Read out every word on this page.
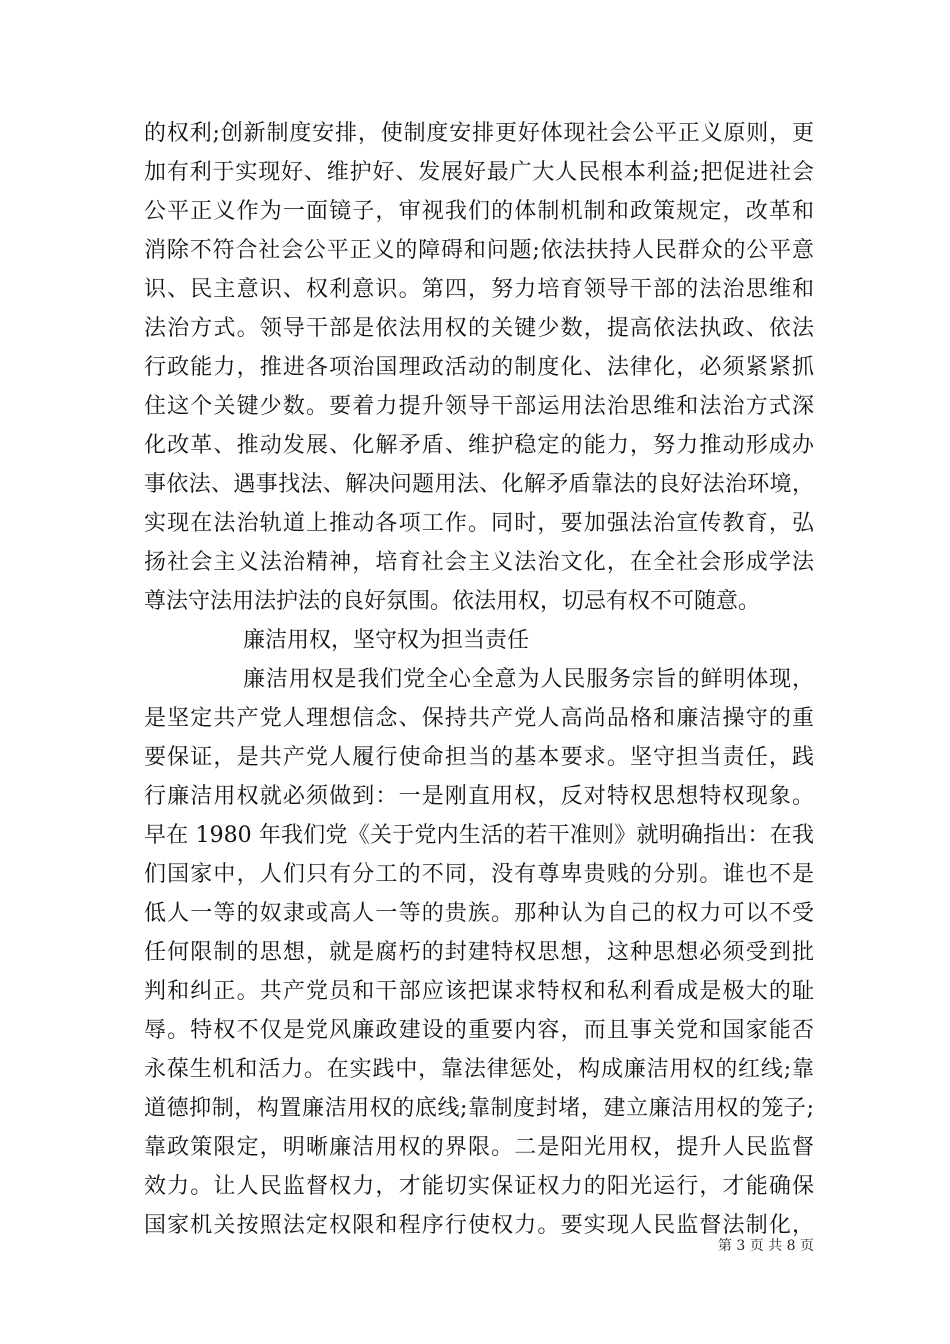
的权利;创新制度安排，使制度安排更好体现社会公平正义原则，更
加有利于实现好、维护好、发展好最广大人民根本利益;把促进社会
公平正义作为一面镜子，审视我们的体制机制和政策规定，改革和
消除不符合社会公平正义的障碍和问题;依法扶持人民群众的公平意
识、民主意识、权利意识。第四，努力培育领导干部的法治思维和
法治方式。领导干部是依法用权的关键少数，提高依法执政、依法
行政能力，推进各项治国理政活动的制度化、法律化，必须紧紧抓
住这个关键少数。要着力提升领导干部运用法治思维和法治方式深
化改革、推动发展、化解矛盾、维护稳定的能力，努力推动形成办
事依法、遇事找法、解决问题用法、化解矛盾靠法的良好法治环境，
实现在法治轨道上推动各项工作。同时，要加强法治宣传教育，弘
扬社会主义法治精神，培育社会主义法治文化，在全社会形成学法
尊法守法用法护法的良好氛围。依法用权，切忌有权不可随意。
廉洁用权，坚守权为担当责任
廉洁用权是我们党全心全意为人民服务宗旨的鲜明体现，
是坚定共产党人理想信念、保持共产党人高尚品格和廉洁操守的重
要保证，是共产党人履行使命担当的基本要求。坚守担当责任，践
行廉洁用权就必须做到：一是刚直用权，反对特权思想特权现象。
早在 1980 年我们党《关于党内生活的若干准则》就明确指出：在我
们国家中，人们只有分工的不同，没有尊卑贵贱的分别。谁也不是
低人一等的奴隶或高人一等的贵族。那种认为自己的权力可以不受
任何限制的思想，就是腐朽的封建特权思想，这种思想必须受到批
判和纠正。共产党员和干部应该把谋求特权和私利看成是极大的耻
辱。特权不仅是党风廉政建设的重要内容，而且事关党和国家能否
永葆生机和活力。在实践中，靠法律惩处，构成廉洁用权的红线;靠
道德抑制，构置廉洁用权的底线;靠制度封堵，建立廉洁用权的笼子;
靠政策限定，明晰廉洁用权的界限。二是阳光用权，提升人民监督
效力。让人民监督权力，才能切实保证权力的阳光运行，才能确保
国家机关按照法定权限和程序行使权力。要实现人民监督法制化，
第 3 页 共 8 页
